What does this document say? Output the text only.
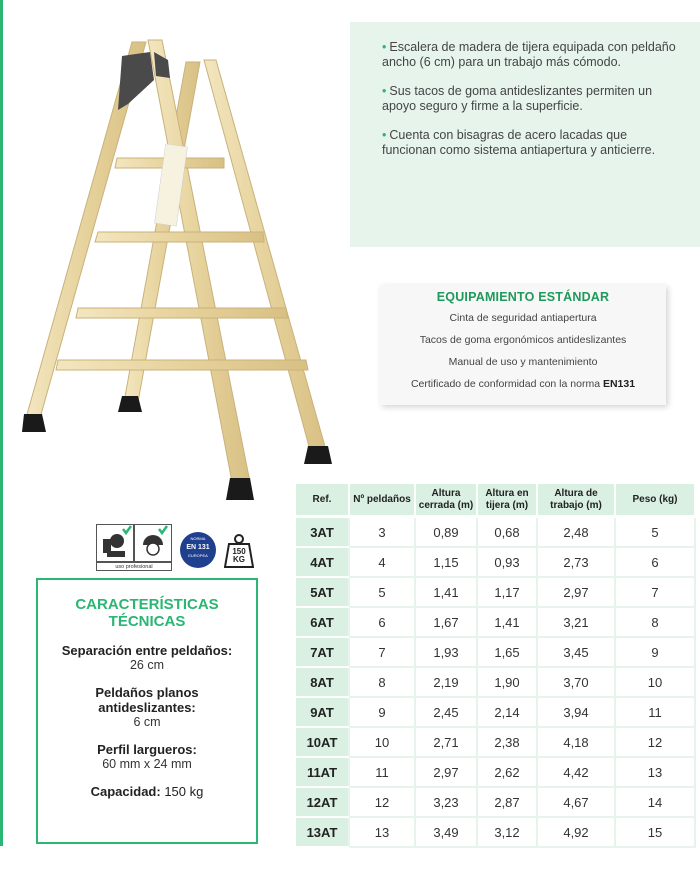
• Escalera de madera de tijera equipada con peldaño ancho (6 cm) para un trabajo más cómodo.
• Sus tacos de goma antideslizantes permiten un apoyo seguro y firme a la superficie.
• Cuenta con bisagras de acero lacadas que funcionan como sistema antiapertura y anticierre.
EQUIPAMIENTO ESTÁNDAR
Cinta de seguridad antiapertura
Tacos de goma ergonómicos antideslizantes
Manual de uso y mantenimiento
Certificado de conformidad con la norma EN131
uso profesional
NORMA
EN 131
EUROPEA	150
KG
CARACTERÍSTICAS TÉCNICAS
Separación entre peldaños:
26 cm
Peldaños planos antideslizantes:
6 cm
Perfil largueros:
60 mm x 24 mm
Capacidad: 150 kg
Ref.	Nº peldaños	Altura cerrada (m)	Altura en tijera (m)	Altura de trabajo (m)	Peso (kg)
3AT	3	0,89	0,68	2,48	5
4AT	4	1,15	0,93	2,73	6
5AT	5	1,41	1,17	2,97	7
6AT	6	1,67	1,41	3,21	8
7AT	7	1,93	1,65	3,45	9
8AT	8	2,19	1,90	3,70	10
9AT	9	2,45	2,14	3,94	11
10AT	10	2,71	2,38	4,18	12
11AT	11	2,97	2,62	4,42	13
12AT	12	3,23	2,87	4,67	14
13AT	13	3,49	3,12	4,92	15
